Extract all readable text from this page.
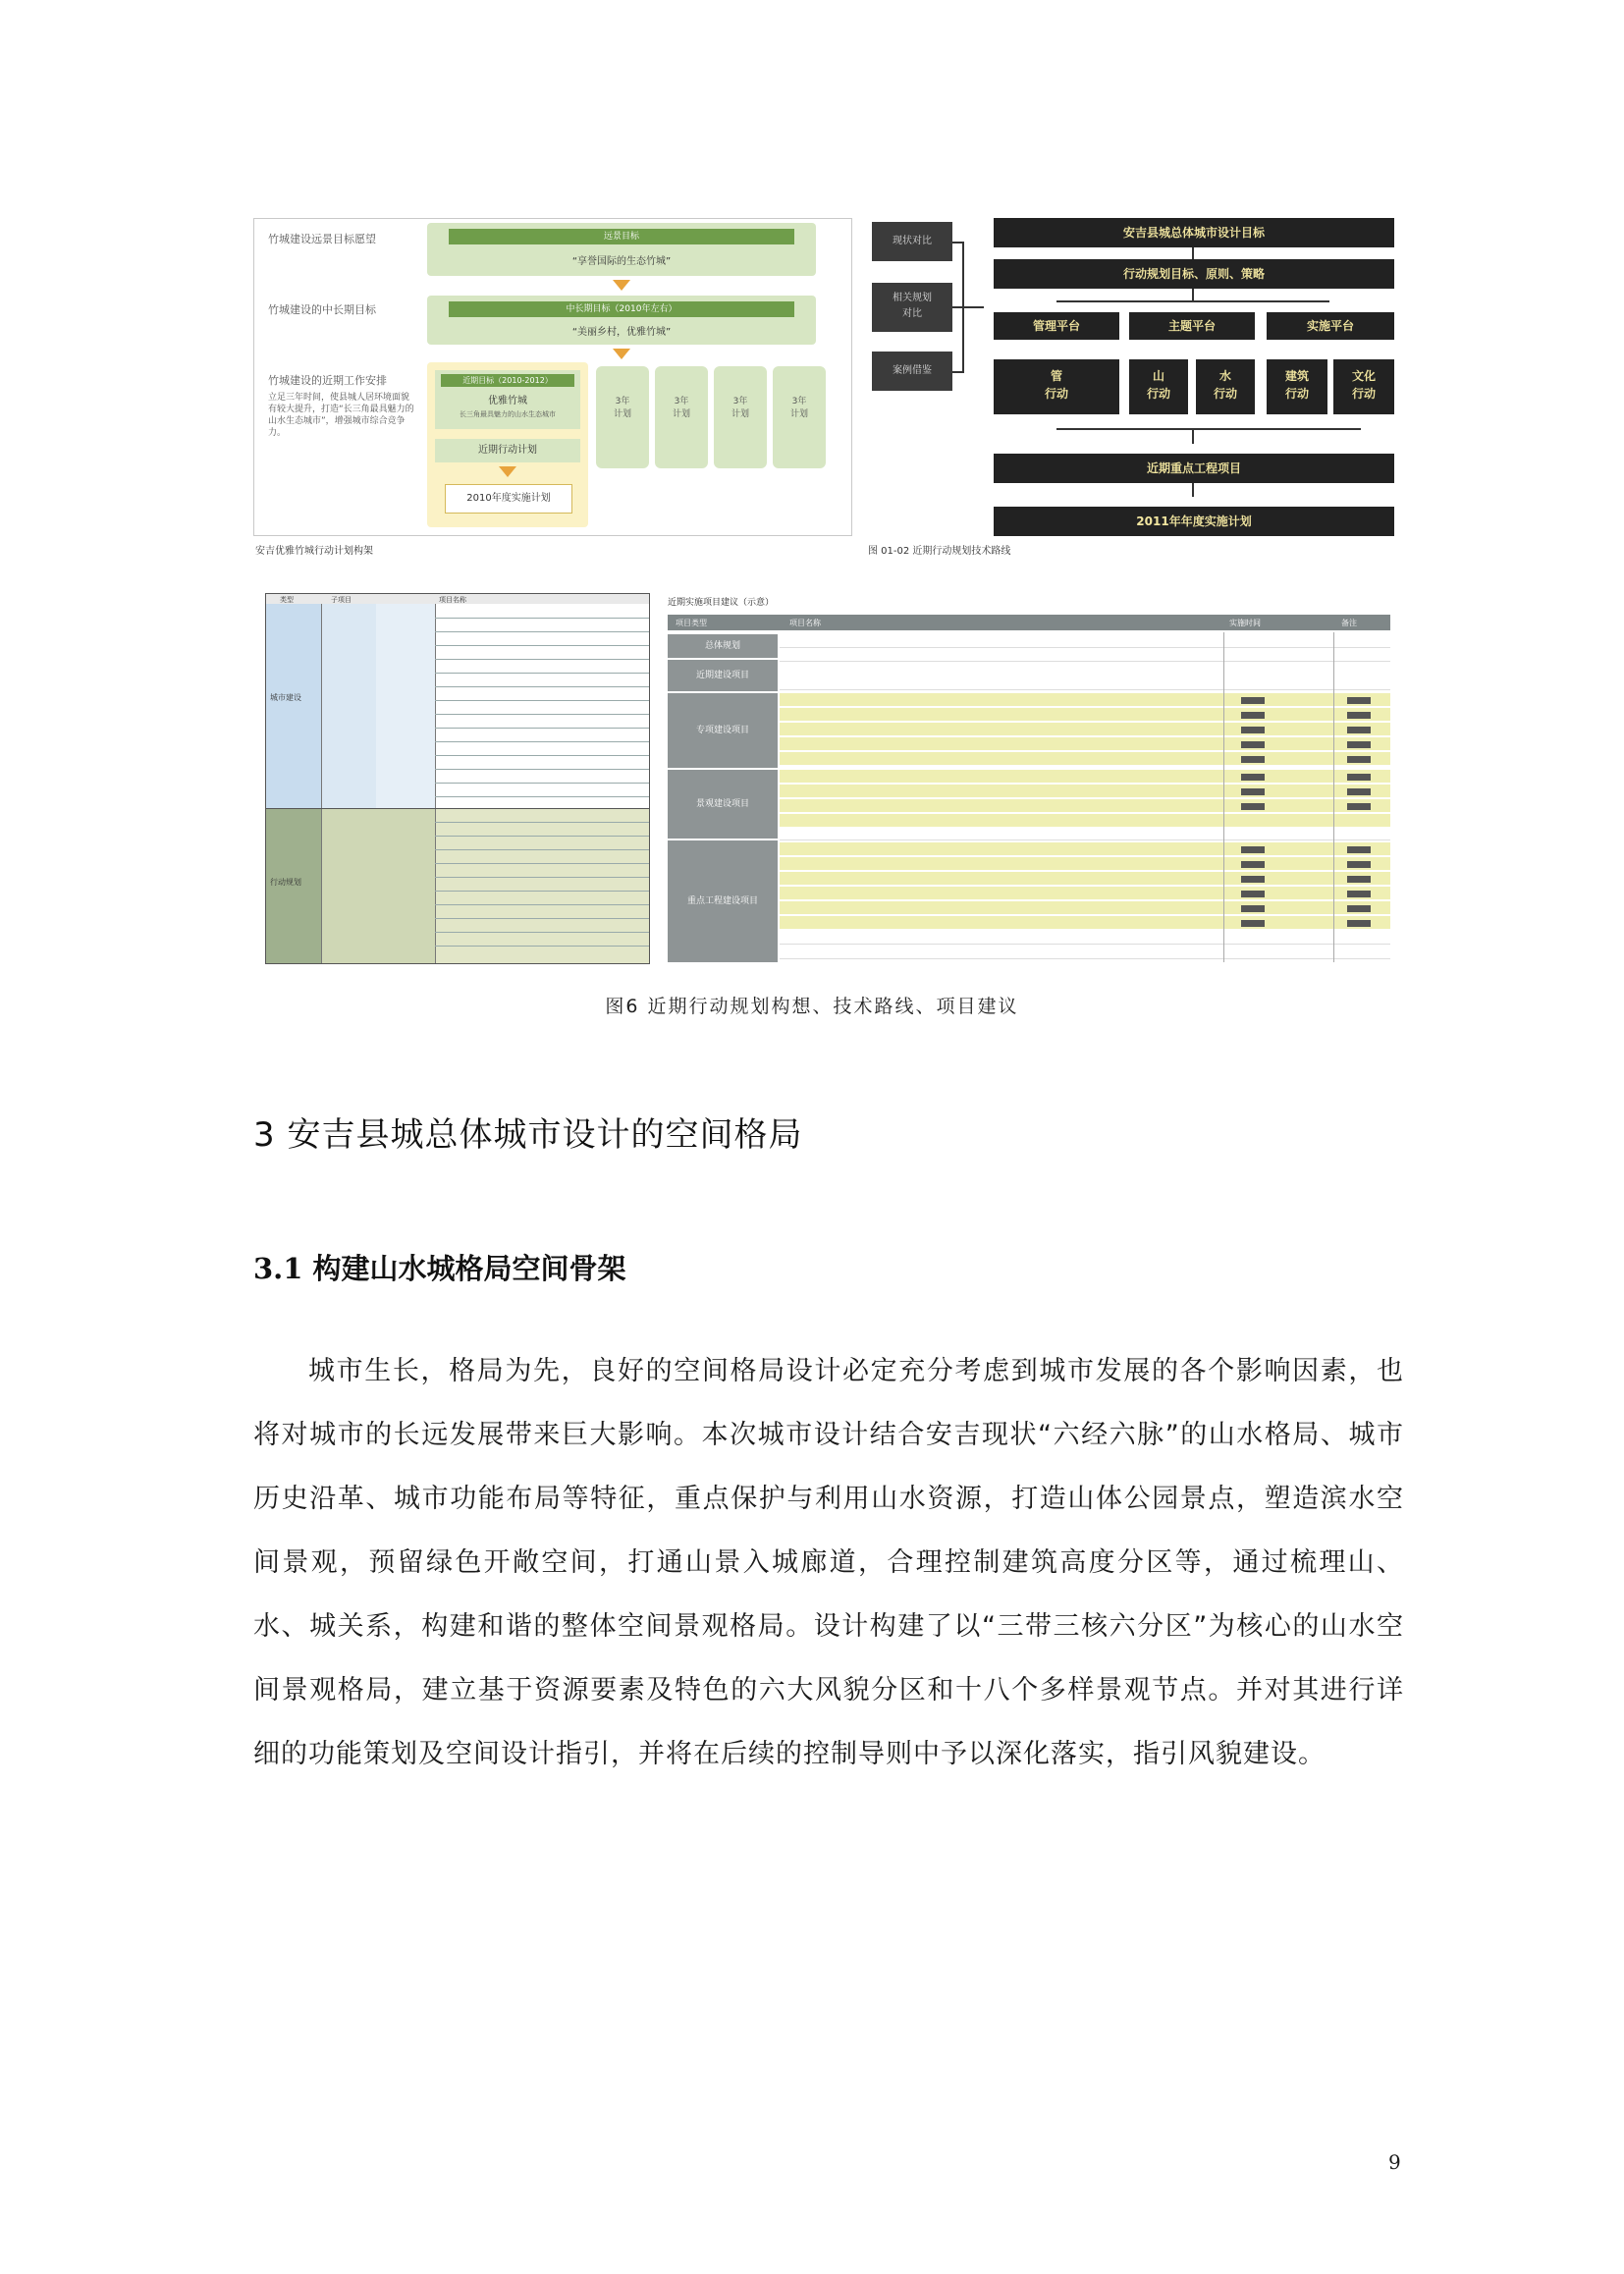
竹城建设远景目标愿望
竹城建设的中长期目标
竹城建设的近期工作安排
立足三年时间，使县城人居环境面貌有较大提升，打造“长三角最具魅力的山水生态城市”，增强城市综合竞争力。
远景目标
“享誉国际的生态竹城”
中长期目标（2010年左右）
“美丽乡村，优雅竹城”
近期目标（2010-2012）
优雅竹城
长三角最具魅力的山水生态城市
近期行动计划
2010年度实施计划
3年
计划
3年
计划
3年
计划
3年
计划
安吉优雅竹城行动计划构架
现状对比
相关规划
对比
案例借鉴
安吉县城总体城市设计目标
行动规划目标、原则、策略
管理平台	主题平台	实施平台
管
行动
山
行动
水
行动
建筑
行动
文化
行动
近期重点工程项目
2011年年度实施计划
图 01-02 近期行动规划技术路线
类型	子项目	项目名称
城市建设
行动规划
近期实施项目建议（示意）
项目类型	项目名称	实施时间	备注
总体规划
近期建设项目
专项建设项目
景观建设项目
重点工程建设项目
图6 近期行动规划构想、技术路线、项目建议
3 安吉县城总体城市设计的空间格局
3.1 构建山水城格局空间骨架
城市生长，格局为先，良好的空间格局设计必定充分考虑到城市发展的各个影响因素，也将对城市的长远发展带来巨大影响。本次城市设计结合安吉现状“六经六脉”的山水格局、城市历史沿革、城市功能布局等特征，重点保护与利用山水资源，打造山体公园景点，塑造滨水空间景观，预留绿色开敞空间，打通山景入城廊道，合理控制建筑高度分区等，通过梳理山、水、城关系，构建和谐的整体空间景观格局。设计构建了以“三带三核六分区”为核心的山水空间景观格局，建立基于资源要素及特色的六大风貌分区和十八个多样景观节点。并对其进行详细的功能策划及空间设计指引，并将在后续的控制导则中予以深化落实，指引风貌建设。
9
